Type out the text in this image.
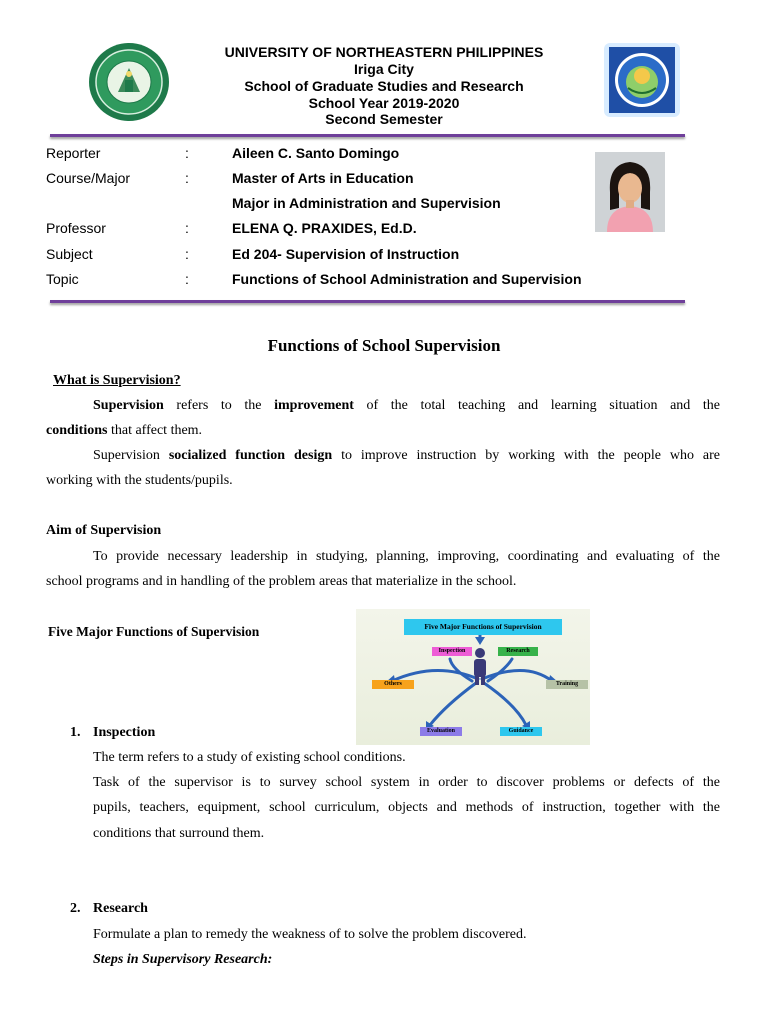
UNIVERSITY OF NORTHEASTERN PHILIPPINES
Iriga City
School of Graduate Studies and Research
School Year 2019-2020
Second Semester
Reporter	:	Aileen C. Santo Domingo
Course/Major	:	Master of Arts in Education
Major in Administration and Supervision
Professor	:	ELENA Q. PRAXIDES, Ed.D.
Subject	:	Ed 204- Supervision of Instruction
Topic	:	Functions of School Administration and Supervision
Functions of School Supervision
What is Supervision?
Supervision refers to the improvement of the total teaching and learning situation and the
conditions that affect them.
Supervision socialized function design to improve instruction by working with the people who are
working with the students/pupils.
Aim of Supervision
To provide necessary leadership in studying, planning, improving, coordinating and evaluating of the
school programs and in handling of the problem areas that materialize in the school.
Five Major Functions of Supervision	Five Major Functions of Supervision
Inspection	Research
Others	Training
Evaluation	Guidance
1. Inspection
The term refers to a study of existing school conditions.
Task of the supervisor is to survey school system in order to discover problems or defects of the
pupils, teachers, equipment, school curriculum, objects and methods of instruction, together with the
conditions that surround them.
2. Research
Formulate a plan to remedy the weakness of to solve the problem discovered.
Steps in Supervisory Research:
